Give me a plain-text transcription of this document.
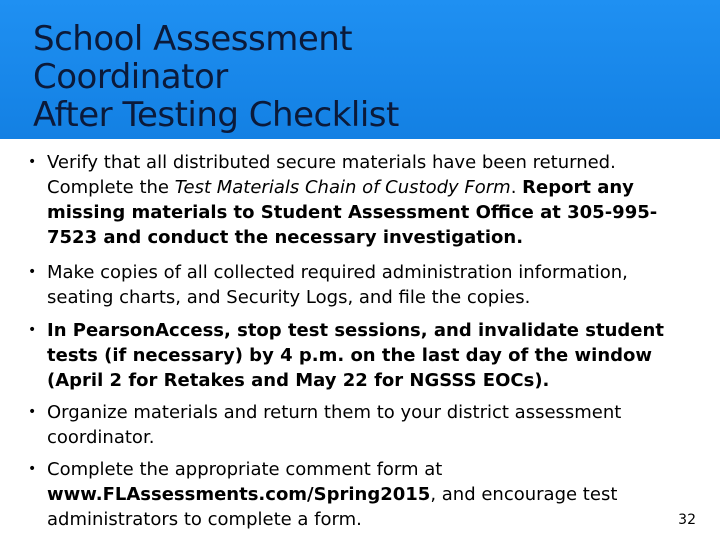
School Assessment
Coordinator
After Testing Checklist
• Verify that all distributed secure materials have been returned. Complete the Test Materials Chain of Custody Form. Report any missing materials to Student Assessment Office at 305-995-7523 and conduct the necessary investigation.
• Make copies of all collected required administration information, seating charts, and Security Logs, and file the copies.
• In PearsonAccess, stop test sessions, and invalidate student tests (if necessary) by 4 p.m. on the last day of the window (April 2 for Retakes and May 22 for NGSSS EOCs).
• Organize materials and return them to your district assessment coordinator.
• Complete the appropriate comment form at www.FLAssessments.com/Spring2015, and encourage test administrators to complete a form.	32
